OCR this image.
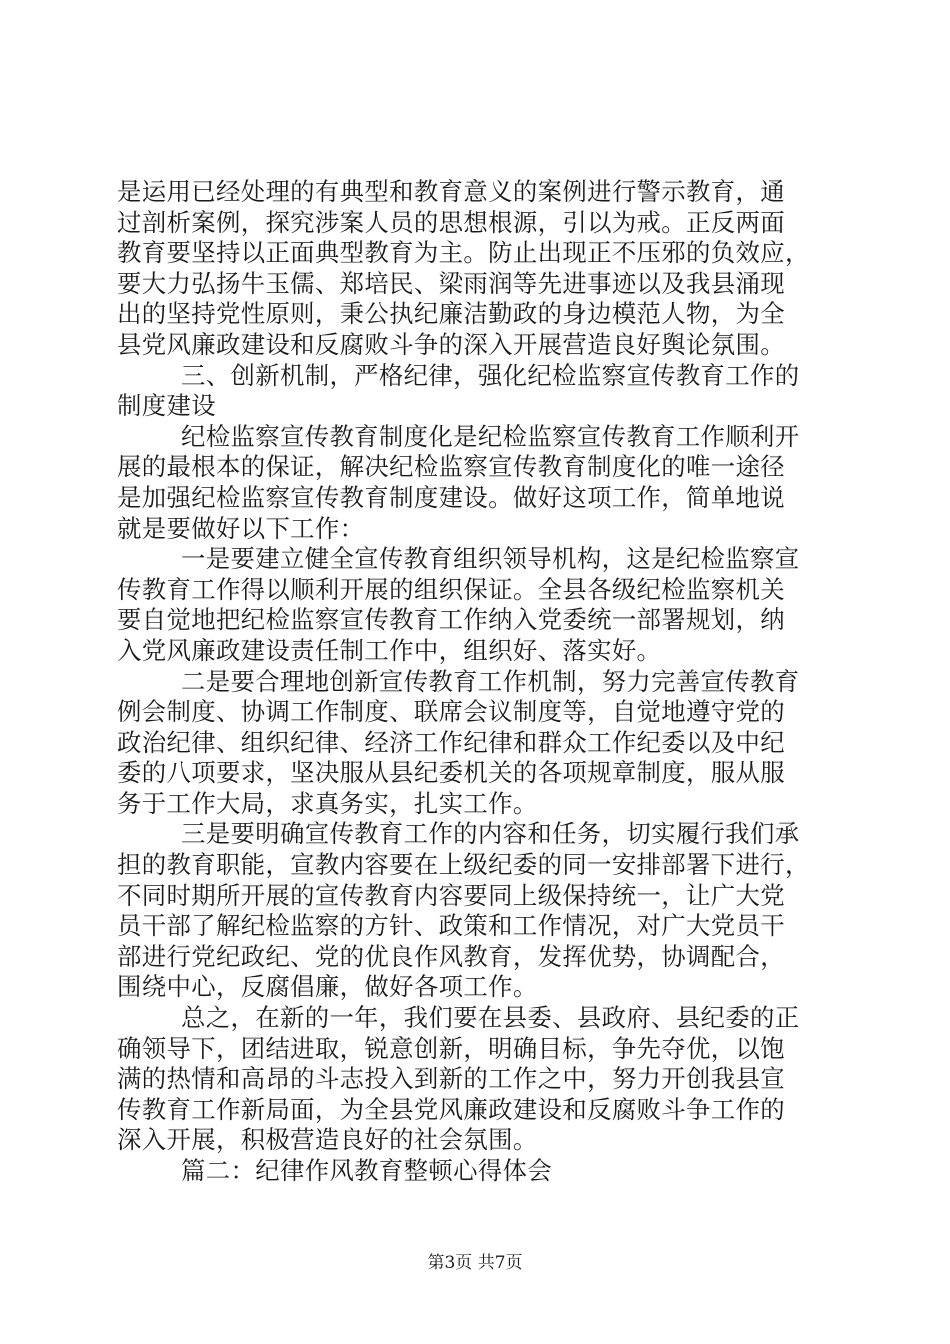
是运用已经处理的有典型和教育意义的案例进行警示教育，通
过剖析案例，探究涉案人员的思想根源，引以为戒。正反两面
教育要坚持以正面典型教育为主。防止出现正不压邪的负效应，
要大力弘扬牛玉儒、郑培民、梁雨润等先进事迹以及我县涌现
出的坚持党性原则，秉公执纪廉洁勤政的身边模范人物，为全
县党风廉政建设和反腐败斗争的深入开展营造良好舆论氛围。
三、创新机制，严格纪律，强化纪检监察宣传教育工作的
制度建设
纪检监察宣传教育制度化是纪检监察宣传教育工作顺利开
展的最根本的保证，解决纪检监察宣传教育制度化的唯一途径
是加强纪检监察宣传教育制度建设。做好这项工作，简单地说
就是要做好以下工作：
一是要建立健全宣传教育组织领导机构，这是纪检监察宣
传教育工作得以顺利开展的组织保证。全县各级纪检监察机关
要自觉地把纪检监察宣传教育工作纳入党委统一部署规划，纳
入党风廉政建设责任制工作中，组织好、落实好。
二是要合理地创新宣传教育工作机制，努力完善宣传教育
例会制度、协调工作制度、联席会议制度等，自觉地遵守党的
政治纪律、组织纪律、经济工作纪律和群众工作纪委以及中纪
委的八项要求，坚决服从县纪委机关的各项规章制度，服从服
务于工作大局，求真务实，扎实工作。
三是要明确宣传教育工作的内容和任务，切实履行我们承
担的教育职能，宣教内容要在上级纪委的同一安排部署下进行，
不同时期所开展的宣传教育内容要同上级保持统一，让广大党
员干部了解纪检监察的方针、政策和工作情况，对广大党员干
部进行党纪政纪、党的优良作风教育，发挥优势，协调配合，
围绕中心，反腐倡廉，做好各项工作。
总之，在新的一年，我们要在县委、县政府、县纪委的正
确领导下，团结进取，锐意创新，明确目标，争先夺优，以饱
满的热情和高昂的斗志投入到新的工作之中，努力开创我县宣
传教育工作新局面，为全县党风廉政建设和反腐败斗争工作的
深入开展，积极营造良好的社会氛围。
篇二：纪律作风教育整顿心得体会
第3页 共7页
